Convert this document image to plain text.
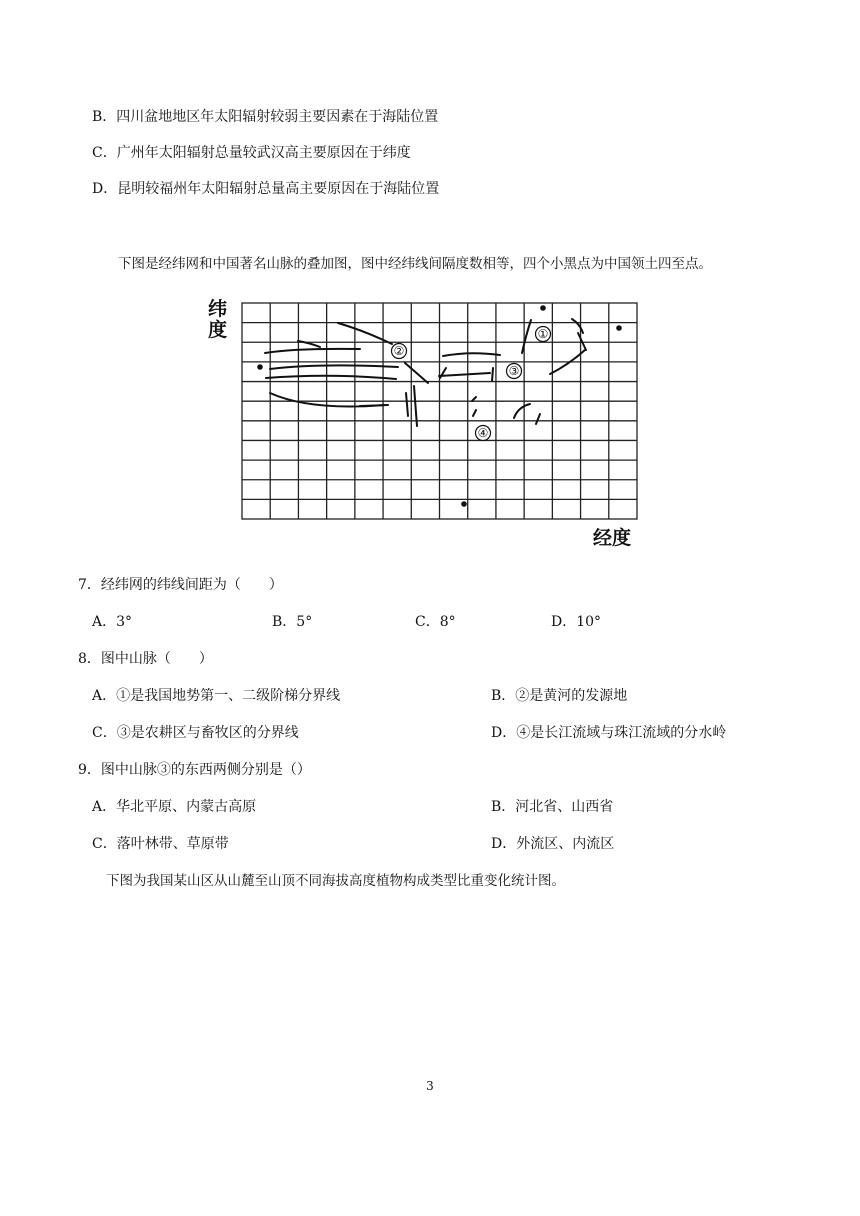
B．四川盆地地区年太阳辐射较弱主要因素在于海陆位置
C．广州年太阳辐射总量较武汉高主要原因在于纬度
D．昆明较福州年太阳辐射总量高主要原因在于海陆位置
下图是经纬网和中国著名山脉的叠加图，图中经纬线间隔度数相等，四个小黑点为中国领土四至点。
纬
度
经度
①
②
③
④
7．经纬网的纬线间距为（　　）
A．3°	B．5°	C．8°	D．10°
8．图中山脉（　　）
A．①是我国地势第一、二级阶梯分界线	B．②是黄河的发源地
C．③是农耕区与畜牧区的分界线	D．④是长江流域与珠江流域的分水岭
9．图中山脉③的东西两侧分别是（）
A．华北平原、内蒙古高原	B．河北省、山西省
C．落叶林带、草原带	D．外流区、内流区
下图为我国某山区从山麓至山顶不同海拔高度植物构成类型比重变化统计图。
3
